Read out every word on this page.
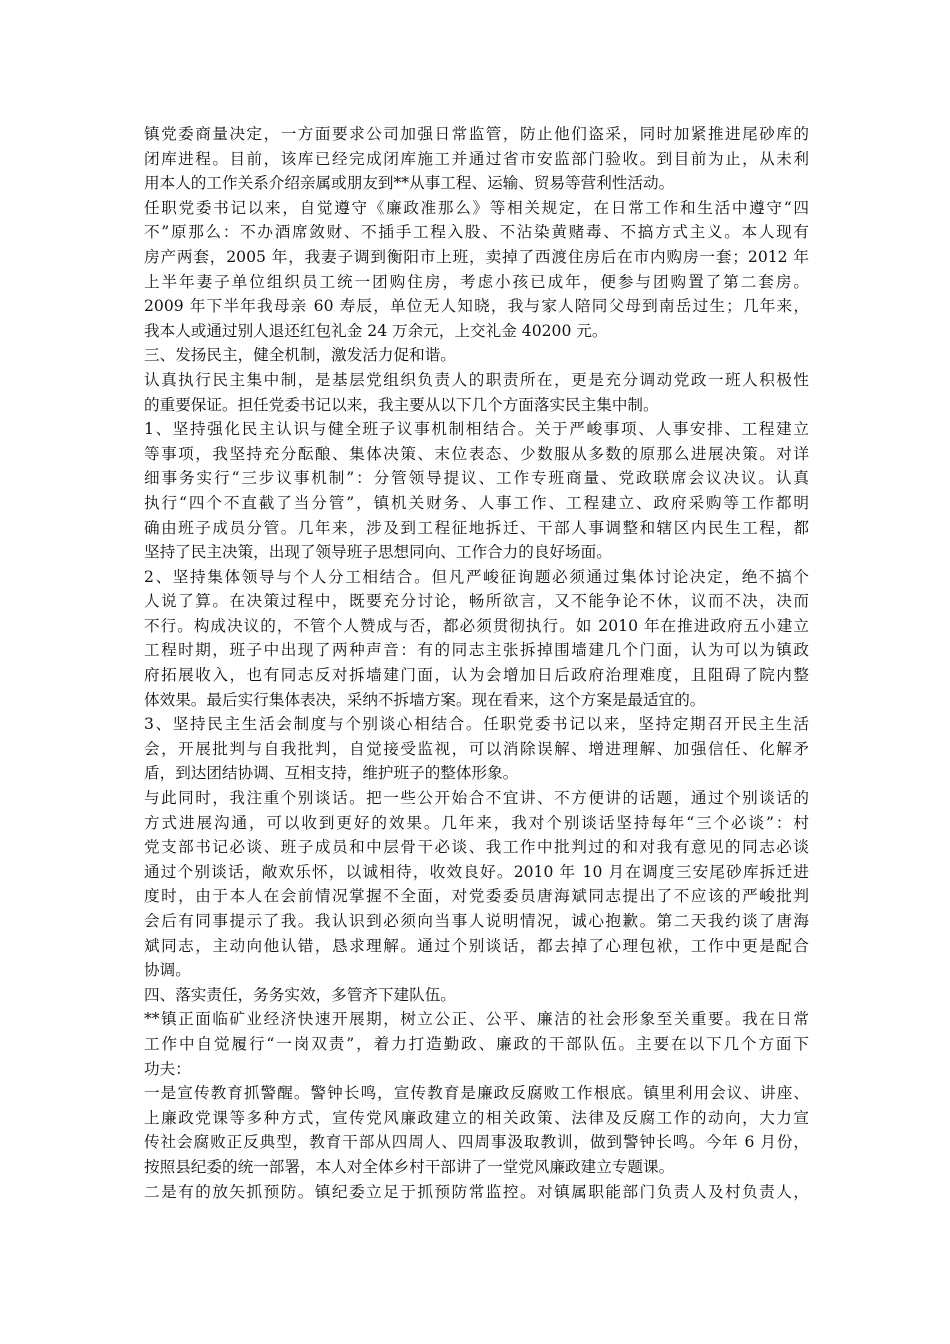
镇党委商量决定，一方面要求公司加强日常监管，防止他们盗采，同时加紧推进尾砂库的
闭库进程。目前，该库已经完成闭库施工并通过省市安监部门验收。到目前为止，从未利
用本人的工作关系介绍亲属或朋友到**从事工程、运输、贸易等营利性活动。
任职党委书记以来，自觉遵守《廉政准那么》等相关规定，在日常工作和生活中遵守“四
不”原那么：不办酒席敛财、不插手工程入股、不沾染黄赌毒、不搞方式主义。本人现有
房产两套，2005 年，我妻子调到衡阳市上班，卖掉了西渡住房后在市内购房一套；2012 年
上半年妻子单位组织员工统一团购住房，考虑小孩已成年，便参与团购置了第二套房。
2009 年下半年我母亲 60 寿辰，单位无人知晓，我与家人陪同父母到南岳过生；几年来，
我本人或通过别人退还红包礼金 24 万余元，上交礼金 40200 元。
三、发扬民主，健全机制，激发活力促和谐。
认真执行民主集中制，是基层党组织负责人的职责所在，更是充分调动党政一班人积极性
的重要保证。担任党委书记以来，我主要从以下几个方面落实民主集中制。
1、坚持强化民主认识与健全班子议事机制相结合。关于严峻事项、人事安排、工程建立
等事项，我坚持充分酝酿、集体决策、末位表态、少数服从多数的原那么进展决策。对详
细事务实行“三步议事机制”：分管领导提议、工作专班商量、党政联席会议决议。认真
执行“四个不直截了当分管”，镇机关财务、人事工作、工程建立、政府采购等工作都明
确由班子成员分管。几年来，涉及到工程征地拆迁、干部人事调整和辖区内民生工程，都
坚持了民主决策，出现了领导班子思想同向、工作合力的良好场面。
2、坚持集体领导与个人分工相结合。但凡严峻征询题必须通过集体讨论决定，绝不搞个
人说了算。在决策过程中，既要充分讨论，畅所欲言，又不能争论不休，议而不决，决而
不行。构成决议的，不管个人赞成与否，都必须贯彻执行。如 2010 年在推进政府五小建立
工程时期，班子中出现了两种声音：有的同志主张拆掉围墙建几个门面，认为可以为镇政
府拓展收入，也有同志反对拆墙建门面，认为会增加日后政府治理难度，且阻碍了院内整
体效果。最后实行集体表决，采纳不拆墙方案。现在看来，这个方案是最适宜的。
3、坚持民主生活会制度与个别谈心相结合。任职党委书记以来，坚持定期召开民主生活
会，开展批判与自我批判，自觉接受监视，可以消除误解、增进理解、加强信任、化解矛
盾，到达团结协调、互相支持，维护班子的整体形象。
与此同时，我注重个别谈话。把一些公开始合不宜讲、不方便讲的话题，通过个别谈话的
方式进展沟通，可以收到更好的效果。几年来，我对个别谈话坚持每年“三个必谈”：村
党支部书记必谈、班子成员和中层骨干必谈、我工作中批判过的和对我有意见的同志必谈
通过个别谈话，敞欢乐怀，以诚相待，收效良好。2010 年 10 月在调度三安尾砂库拆迁进
度时，由于本人在会前情况掌握不全面，对党委委员唐海斌同志提出了不应该的严峻批判
会后有同事提示了我。我认识到必须向当事人说明情况，诚心抱歉。第二天我约谈了唐海
斌同志，主动向他认错，恳求理解。通过个别谈话，都去掉了心理包袱，工作中更是配合
协调。
四、落实责任，务务实效，多管齐下建队伍。
**镇正面临矿业经济快速开展期，树立公正、公平、廉洁的社会形象至关重要。我在日常
工作中自觉履行“一岗双责”，着力打造勤政、廉政的干部队伍。主要在以下几个方面下
功夫：
一是宣传教育抓警醒。警钟长鸣，宣传教育是廉政反腐败工作根底。镇里利用会议、讲座、
上廉政党课等多种方式，宣传党风廉政建立的相关政策、法律及反腐工作的动向，大力宣
传社会腐败正反典型，教育干部从四周人、四周事汲取教训，做到警钟长鸣。今年 6 月份，
按照县纪委的统一部署，本人对全体乡村干部讲了一堂党风廉政建立专题课。
二是有的放矢抓预防。镇纪委立足于抓预防常监控。对镇属职能部门负责人及村负责人，
